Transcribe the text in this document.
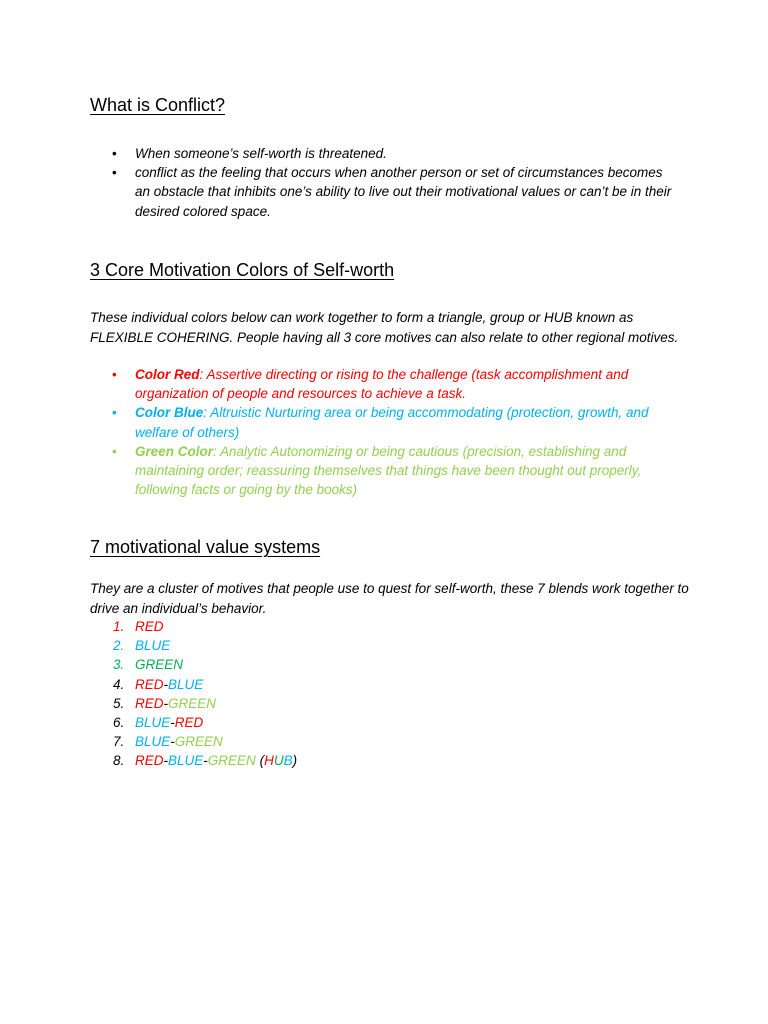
What is Conflict?
• When someone’s self-worth is threatened.
• conflict as the feeling that occurs when another person or set of circumstances becomes an obstacle that inhibits one’s ability to live out their motivational values or can’t be in their desired colored space.
3 Core Motivation Colors of Self-worth

These individual colors below can work together to form a triangle, group or HUB known as FLEXIBLE COHERING. People having all 3 core motives can also relate to other regional motives.

• Color Red: Assertive directing or rising to the challenge (task accomplishment and organization of people and resources to achieve a task.
• Color Blue: Altruistic Nurturing area or being accommodating (protection, growth, and welfare of others)
• Green Color: Analytic Autonomizing or being cautious (precision, establishing and maintaining order; reassuring themselves that things have been thought out properly, following facts or going by the books)
7 motivational value systems

They are a cluster of motives that people use to quest for self-worth, these 7 blends work together to drive an individual’s behavior.

1. RED
2. BLUE
3. GREEN
4. RED-BLUE
5. RED-GREEN
6. BLUE-RED
7. BLUE-GREEN
8. RED-BLUE-GREEN (HUB)
